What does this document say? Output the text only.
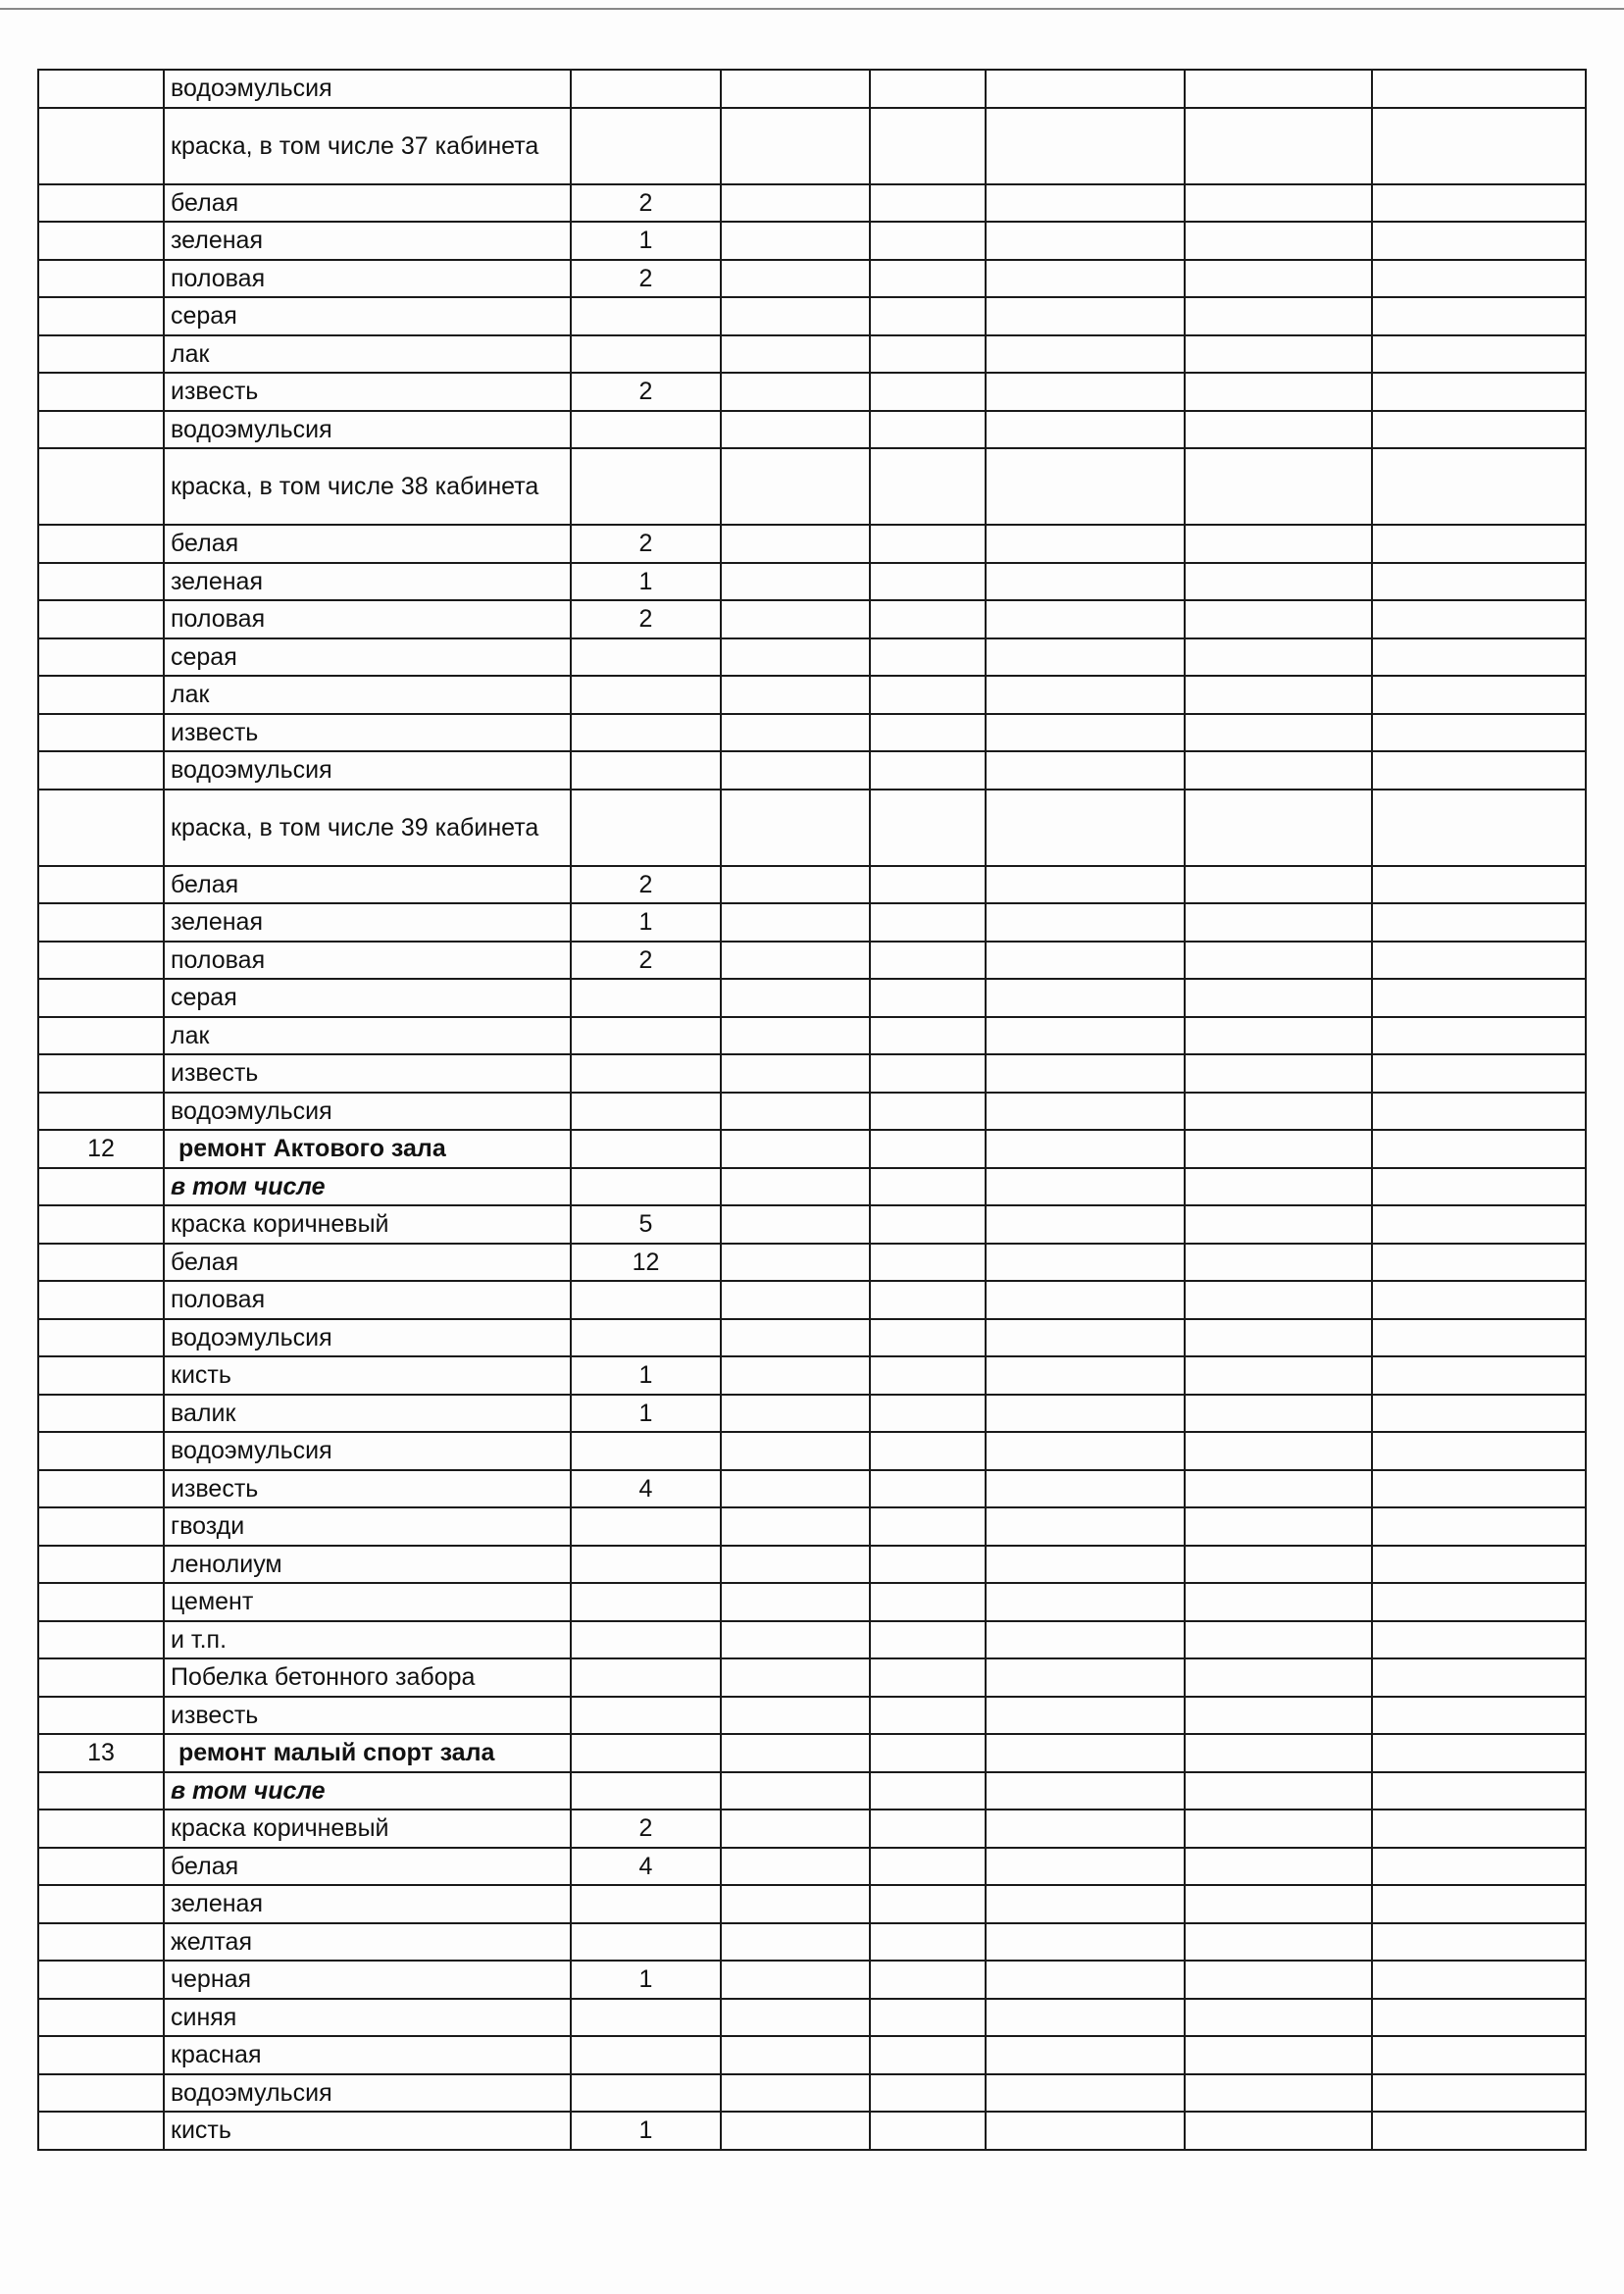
	водоэмульсия						
	краска, в том числе 37 кабинета						
	белая	2					
	зеленая	1					
	половая	2					
	серая						
	лак						
	известь	2					
	водоэмульсия						
	краска, в том числе 38 кабинета						
	белая	2					
	зеленая	1					
	половая	2					
	серая						
	лак						
	известь						
	водоэмульсия						
	краска, в том числе 39 кабинета						
	белая	2					
	зеленая	1					
	половая	2					
	серая						
	лак						
	известь						
	водоэмульсия						
12	ремонт Актового зала						
	в том числе						
	краска коричневый	5					
	белая	12					
	половая						
	водоэмульсия						
	кисть	1					
	валик	1					
	водоэмульсия						
	известь	4					
	гвозди						
	ленолиум						
	цемент						
	и т.п.						
	Побелка бетонного забора						
	известь						
13	ремонт малый спорт зала						
	в том числе						
	краска коричневый	2					
	белая	4					
	зеленая						
	желтая						
	черная	1					
	синяя						
	красная						
	водоэмульсия						
	кисть	1					
